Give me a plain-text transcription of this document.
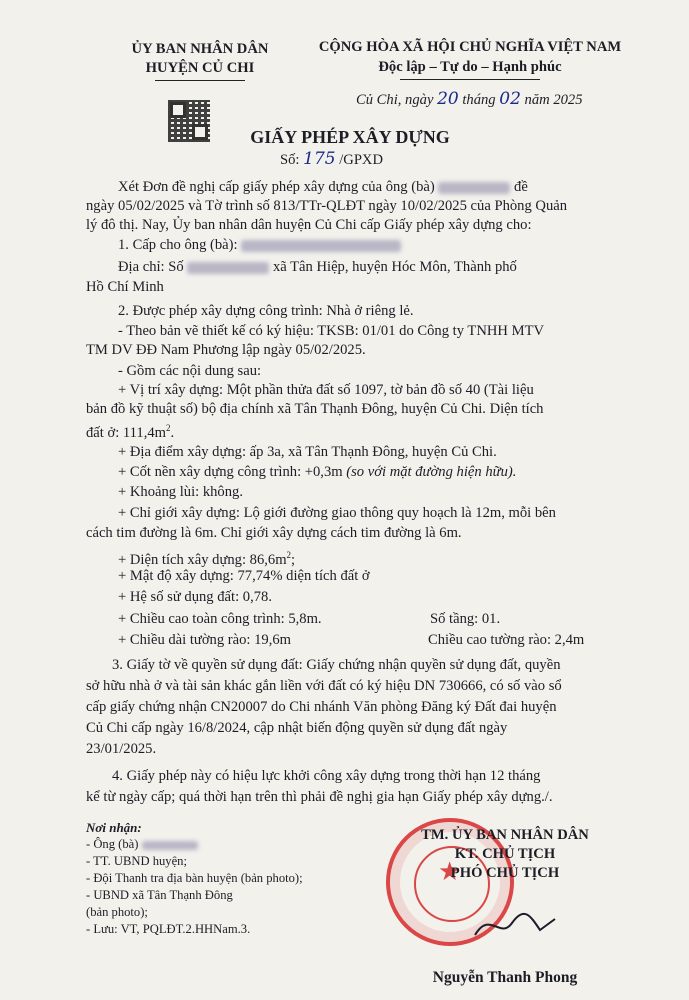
ỦY BAN NHÂN DÂN
HUYỆN CỦ CHI
CỘNG HÒA XÃ HỘI CHỦ NGHĨA VIỆT NAM
Độc lập – Tự do – Hạnh phúc
Củ Chi, ngày 20 tháng 02 năm 2025
GIẤY PHÉP XÂY DỰNG
Số: 175 /GPXD
Xét Đơn đề nghị cấp giấy phép xây dựng của ông (bà)	đề
ngày 05/02/2025 và Tờ trình số 813/TTr-QLĐT ngày 10/02/2025 của Phòng Quản
lý đô thị. Nay, Ủy ban nhân dân huyện Củ Chi cấp Giấy phép xây dựng cho:
1. Cấp cho ông (bà):
Địa chỉ: Số	xã Tân Hiệp, huyện Hóc Môn, Thành phố
Hồ Chí Minh
2. Được phép xây dựng công trình: Nhà ở riêng lẻ.
- Theo bản vẽ thiết kế có ký hiệu: TKSB: 01/01 do Công ty TNHH MTV
TM DV ĐĐ Nam Phương lập ngày 05/02/2025.
- Gồm các nội dung sau:
+ Vị trí xây dựng: Một phần thửa đất số 1097, tờ bản đồ số 40 (Tài liệu
bản đồ kỹ thuật số) bộ địa chính xã Tân Thạnh Đông, huyện Củ Chi. Diện tích
đất ở: $111,4m^2$.
+ Địa điểm xây dựng: ấp 3a, xã Tân Thạnh Đông, huyện Củ Chi.
+ Cốt nền xây dựng công trình: +0,3m (so với mặt đường hiện hữu).
+ Khoảng lùi: không.
+ Chỉ giới xây dựng: Lộ giới đường giao thông quy hoạch là 12m, mỗi bên
cách tim đường là 6m. Chỉ giới xây dựng cách tim đường là 6m.
+ Diện tích xây dựng: $86,6m^2$;
+ Mật độ xây dựng: 77,74% diện tích đất ở
+ Hệ số sử dụng đất: 0,78.
+ Chiều cao toàn công trình: 5,8m.	Số tầng: 01.
+ Chiều dài tường rào: 19,6m	Chiều cao tường rào: 2,4m
3. Giấy tờ về quyền sử dụng đất: Giấy chứng nhận quyền sử dụng đất, quyền
sở hữu nhà ở và tài sản khác gắn liền với đất có ký hiệu DN 730666, có số vào sổ
cấp giấy chứng nhận CN20007 do Chi nhánh Văn phòng Đăng ký Đất đai huyện
Củ Chi cấp ngày 16/8/2024, cập nhật biến động quyền sử dụng đất ngày
23/01/2025.
4. Giấy phép này có hiệu lực khởi công xây dựng trong thời hạn 12 tháng
kể từ ngày cấp; quá thời hạn trên thì phải đề nghị gia hạn Giấy phép xây dựng./.
Nơi nhận:
- Ông (bà)
- TT. UBND huyện;
- Đội Thanh tra địa bàn huyện (bản photo);
- UBND xã Tân Thạnh Đông
(bản photo);
- Lưu: VT, PQLĐT.2.HHNam.3.
★
TM. ỦY BAN NHÂN DÂN
KT. CHỦ TỊCH
PHÓ CHỦ TỊCH
Nguyễn Thanh Phong
